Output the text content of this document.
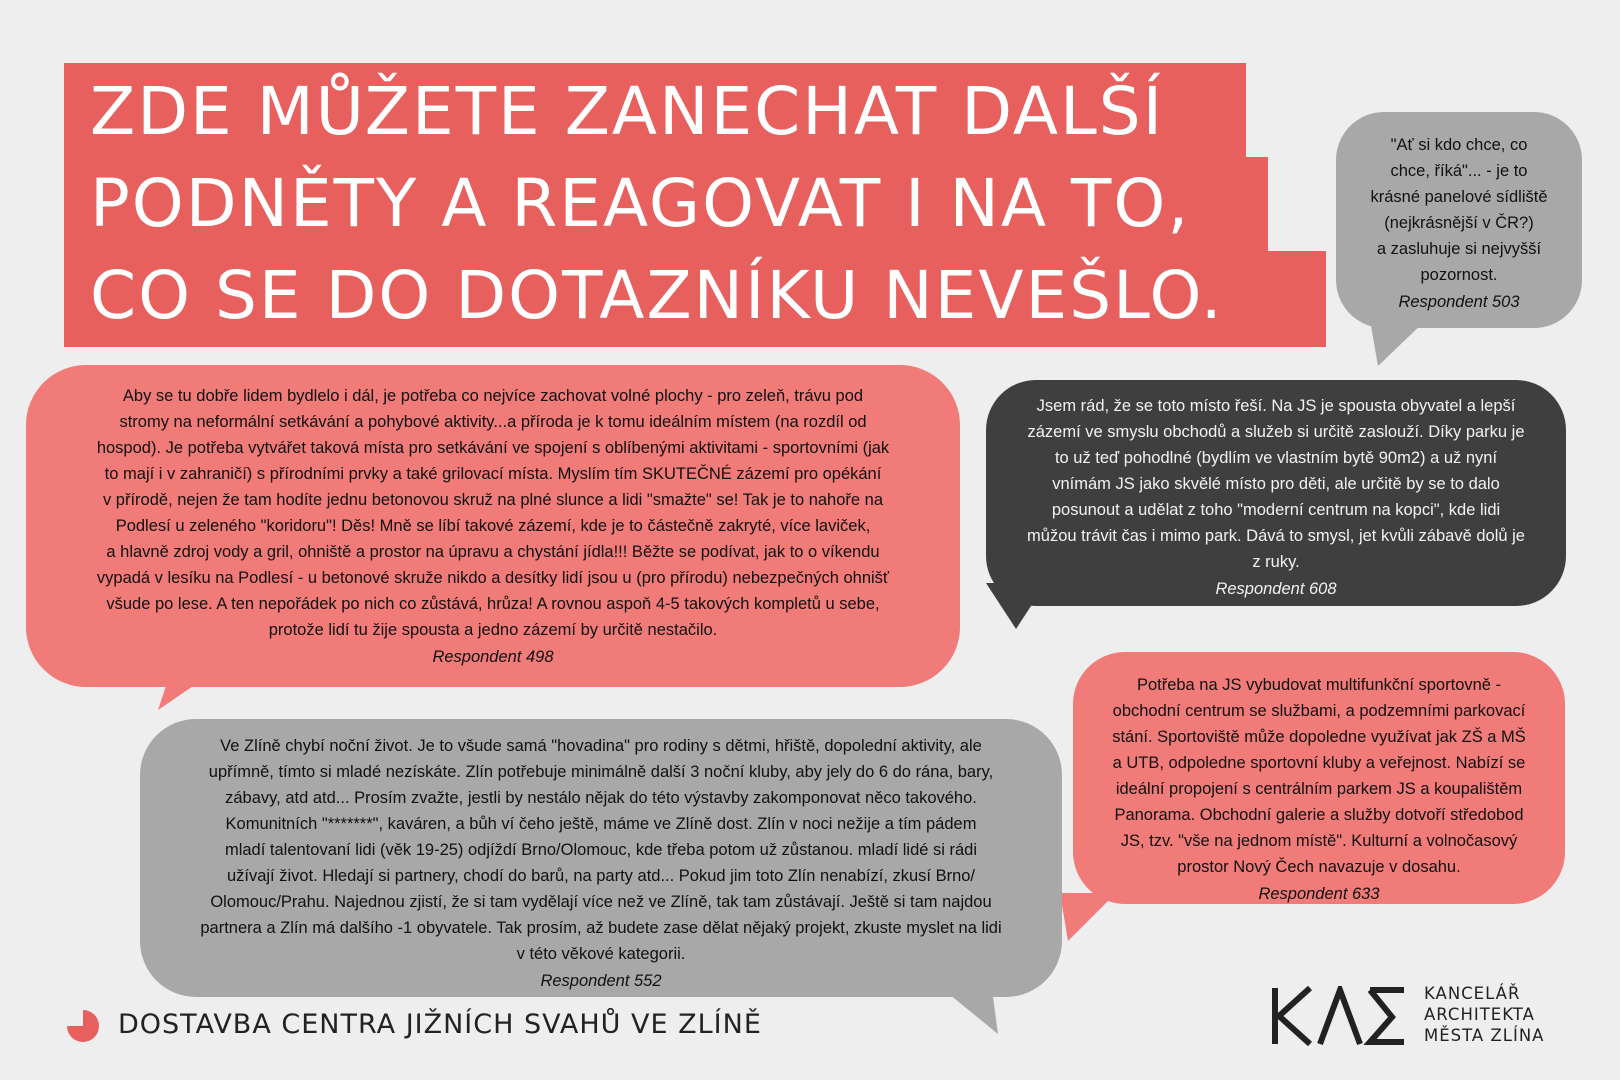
ZDE MŮŽETE ZANECHAT DALŠÍ
PODNĚTY A REAGOVAT I NA TO,
CO SE DO DOTAZNÍKU NEVEŠLO.

"Ať si kdo chce, co

chce, říká"... - je to

krásné panelové sídliště

(nejkrásnější v ČR?)

a zasluhuje si nejvyšší

pozornost.

Respondent 503

Aby se tu dobře lidem bydlelo i dál, je potřeba co nejvíce zachovat volné plochy - pro zeleň, trávu pod

stromy na neformální setkávání a pohybové aktivity...a příroda je k tomu ideálním místem (na rozdíl od

hospod). Je potřeba vytvářet taková místa pro setkávání ve spojení s oblíbenými aktivitami - sportovními (jak

to mají i v zahraničí) s přírodními prvky a také grilovací místa. Myslím tím SKUTEČNÉ zázemí pro opékání

v přírodě, nejen že tam hodíte jednu betonovou skruž na plné slunce a lidi "smažte" se! Tak je to nahoře na

Podlesí u zeleného "koridoru"! Děs! Mně se líbí takové zázemí, kde je to částečně zakryté, více laviček,

a hlavně zdroj vody a gril, ohniště a prostor na úpravu a chystání jídla!!! Běžte se podívat, jak to o víkendu

vypadá v lesíku na Podlesí - u betonové skruže nikdo a desítky lidí jsou u (pro přírodu) nebezpečných ohnišť

všude po lese. A ten nepořádek po nich co zůstává, hrůza! A rovnou aspoň 4-5 takových kompletů u sebe,

protože lidí tu žije spousta a jedno zázemí by určitě nestačilo.

Respondent 498

Jsem rád, že se toto místo řeší. Na JS je spousta obyvatel a lepší

zázemí ve smyslu obchodů a služeb si určitě zaslouží. Díky parku je

to už teď pohodlné (bydlím ve vlastním bytě 90m2) a už nyní

vnímám JS jako skvělé místo pro děti, ale určitě by se to dalo

posunout a udělat z toho "moderní centrum na kopci", kde lidi

můžou trávit čas i mimo park. Dává to smysl, jet kvůli zábavě dolů je

z ruky.

Respondent 608

Potřeba na JS vybudovat multifunkční sportovně -

obchodní centrum se službami, a podzemními parkovací

stání. Sportoviště může dopoledne využívat jak ZŠ a MŠ

a UTB, odpoledne sportovní kluby a veřejnost. Nabízí se

ideální propojení s centrálním parkem JS a koupalištěm

Panorama. Obchodní galerie a služby dotvoří středobod

JS, tzv. "vše na jednom místě". Kulturní a volnočasový

prostor Nový Čech navazuje v dosahu.

Respondent 633

Ve Zlíně chybí noční život. Je to všude samá "hovadina" pro rodiny s dětmi, hřiště, dopolední aktivity, ale

upřímně, tímto si mladé nezískáte. Zlín potřebuje minimálně další 3 noční kluby, aby jely do 6 do rána, bary,

zábavy, atd atd... Prosím zvažte, jestli by nestálo nějak do této výstavby zakomponovat něco takového.

Komunitních "*******", kaváren, a bůh ví čeho ještě, máme ve Zlíně dost. Zlín v noci nežije a tím pádem

mladí talentovaní lidi (věk 19-25) odjíždí Brno/Olomouc, kde třeba potom už zůstanou. mladí lidé si rádi

užívají život. Hledají si partnery, chodí do barů, na party atd... Pokud jim toto Zlín nenabízí, zkusí Brno/

Olomouc/Prahu. Najednou zjistí, že si tam vydělají více než ve Zlíně, tak tam zůstávají. Ještě si tam najdou

partnera a Zlín má dalšího -1 obyvatele. Tak prosím, až budete zase dělat nějaký projekt, zkuste myslet na lidi

v této věkové kategorii.

Respondent 552

DOSTAVBA CENTRA JIŽNÍCH SVAHŮ VE ZLÍNĚ
KANCELÁŘ
ARCHITEKTA
MĚSTA ZLÍNA
